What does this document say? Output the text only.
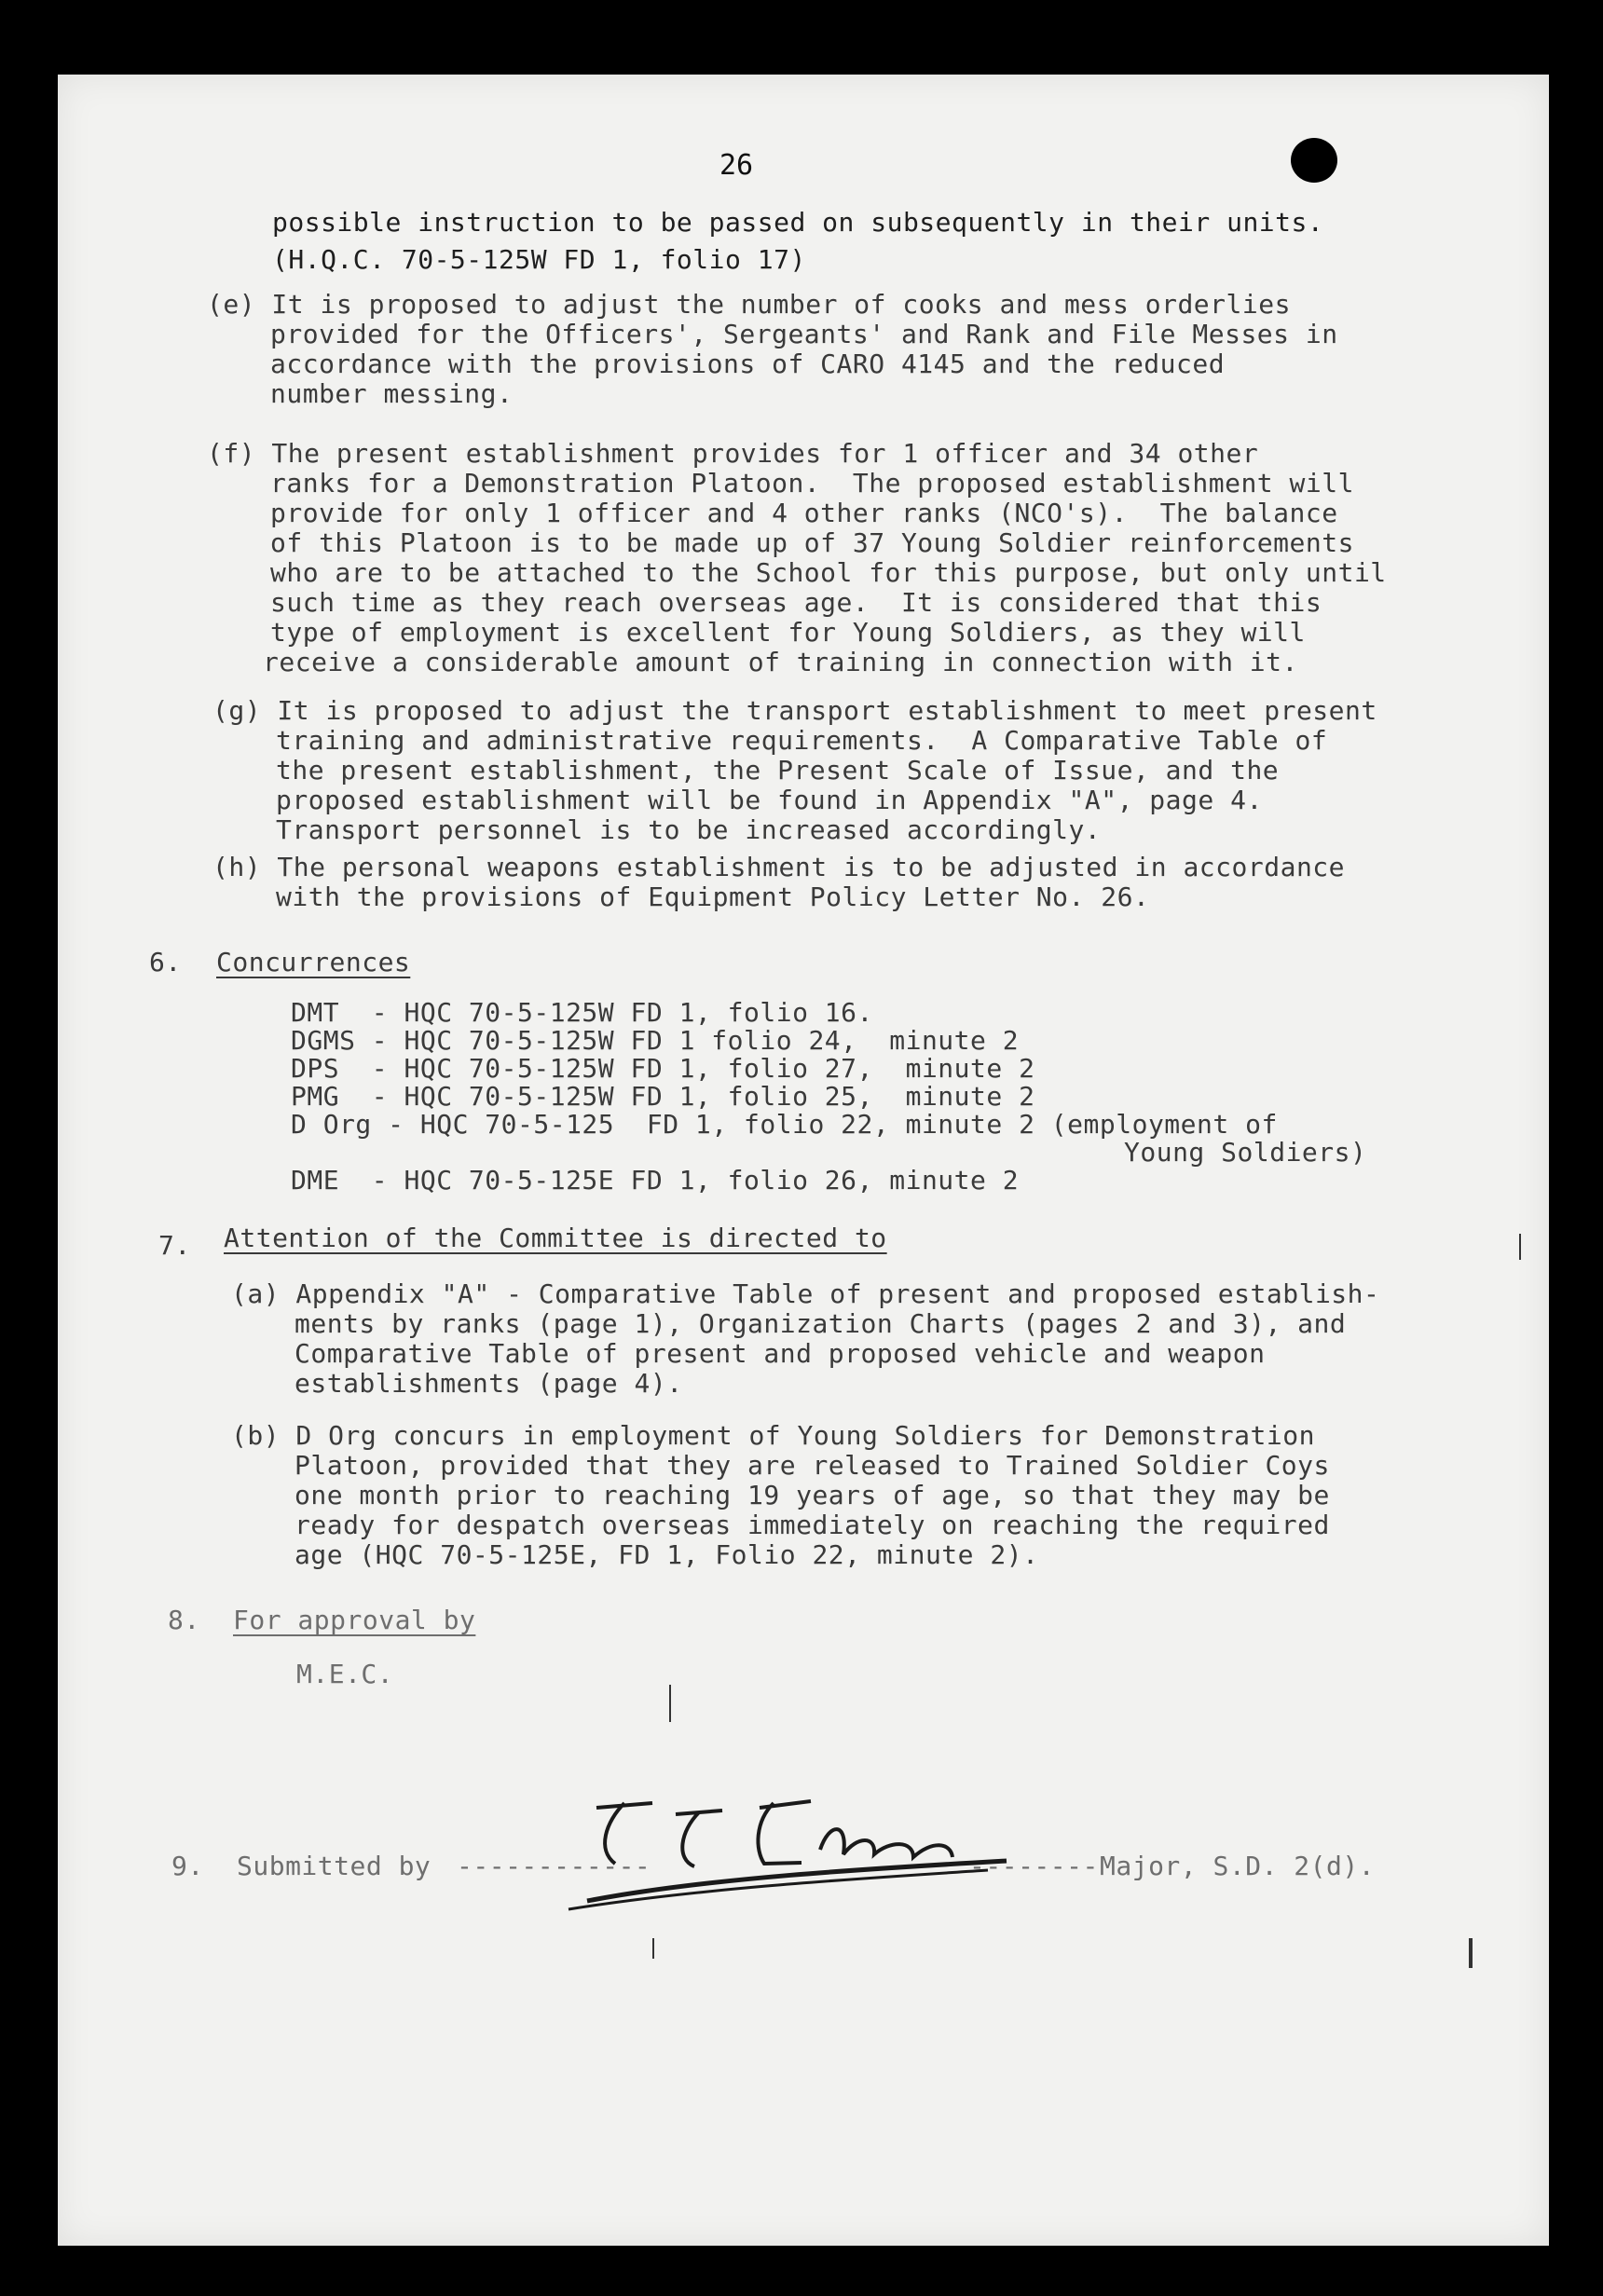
26
possible instruction to be passed on subsequently in their units.
(H.Q.C. 70-5-125W FD 1, folio 17)
(e) It is proposed to adjust the number of cooks and mess orderlies
provided for the Officers', Sergeants' and Rank and File Messes in
accordance with the provisions of CARO 4145 and the reduced
number messing.
(f) The present establishment provides for 1 officer and 34 other
ranks for a Demonstration Platoon.  The proposed establishment will
provide for only 1 officer and 4 other ranks (NCO's).  The balance
of this Platoon is to be made up of 37 Young Soldier reinforcements
who are to be attached to the School for this purpose, but only until
such time as they reach overseas age.  It is considered that this
type of employment is excellent for Young Soldiers, as they will
receive a considerable amount of training in connection with it.
(g) It is proposed to adjust the transport establishment to meet present
training and administrative requirements.  A Comparative Table of
the present establishment, the Present Scale of Issue, and the
proposed establishment will be found in Appendix "A", page 4.
Transport personnel is to be increased accordingly.
(h) The personal weapons establishment is to be adjusted in accordance
with the provisions of Equipment Policy Letter No. 26.
6. Concurrences
DMT  - HQC 70-5-125W FD 1, folio 16.
DGMS - HQC 70-5-125W FD 1 folio 24,  minute 2
DPS  - HQC 70-5-125W FD 1, folio 27,  minute 2
PMG  - HQC 70-5-125W FD 1, folio 25,  minute 2
D Org - HQC 70-5-125  FD 1, folio 22, minute 2 (employment of
Young Soldiers)
DME  - HQC 70-5-125E FD 1, folio 26, minute 2
7. Attention of the Committee is directed to
(a) Appendix "A" - Comparative Table of present and proposed establish-
ments by ranks (page 1), Organization Charts (pages 2 and 3), and
Comparative Table of present and proposed vehicle and weapon
establishments (page 4).
(b) D Org concurs in employment of Young Soldiers for Demonstration
Platoon, provided that they are released to Trained Soldier Coys
one month prior to reaching 19 years of age, so that they may be
ready for despatch overseas immediately on reaching the required
age (HQC 70-5-125E, FD 1, Folio 22, minute 2).
8. For approval by
M.E.C.
9. Submitted by ------------	-------- Major, S.D. 2(d).
